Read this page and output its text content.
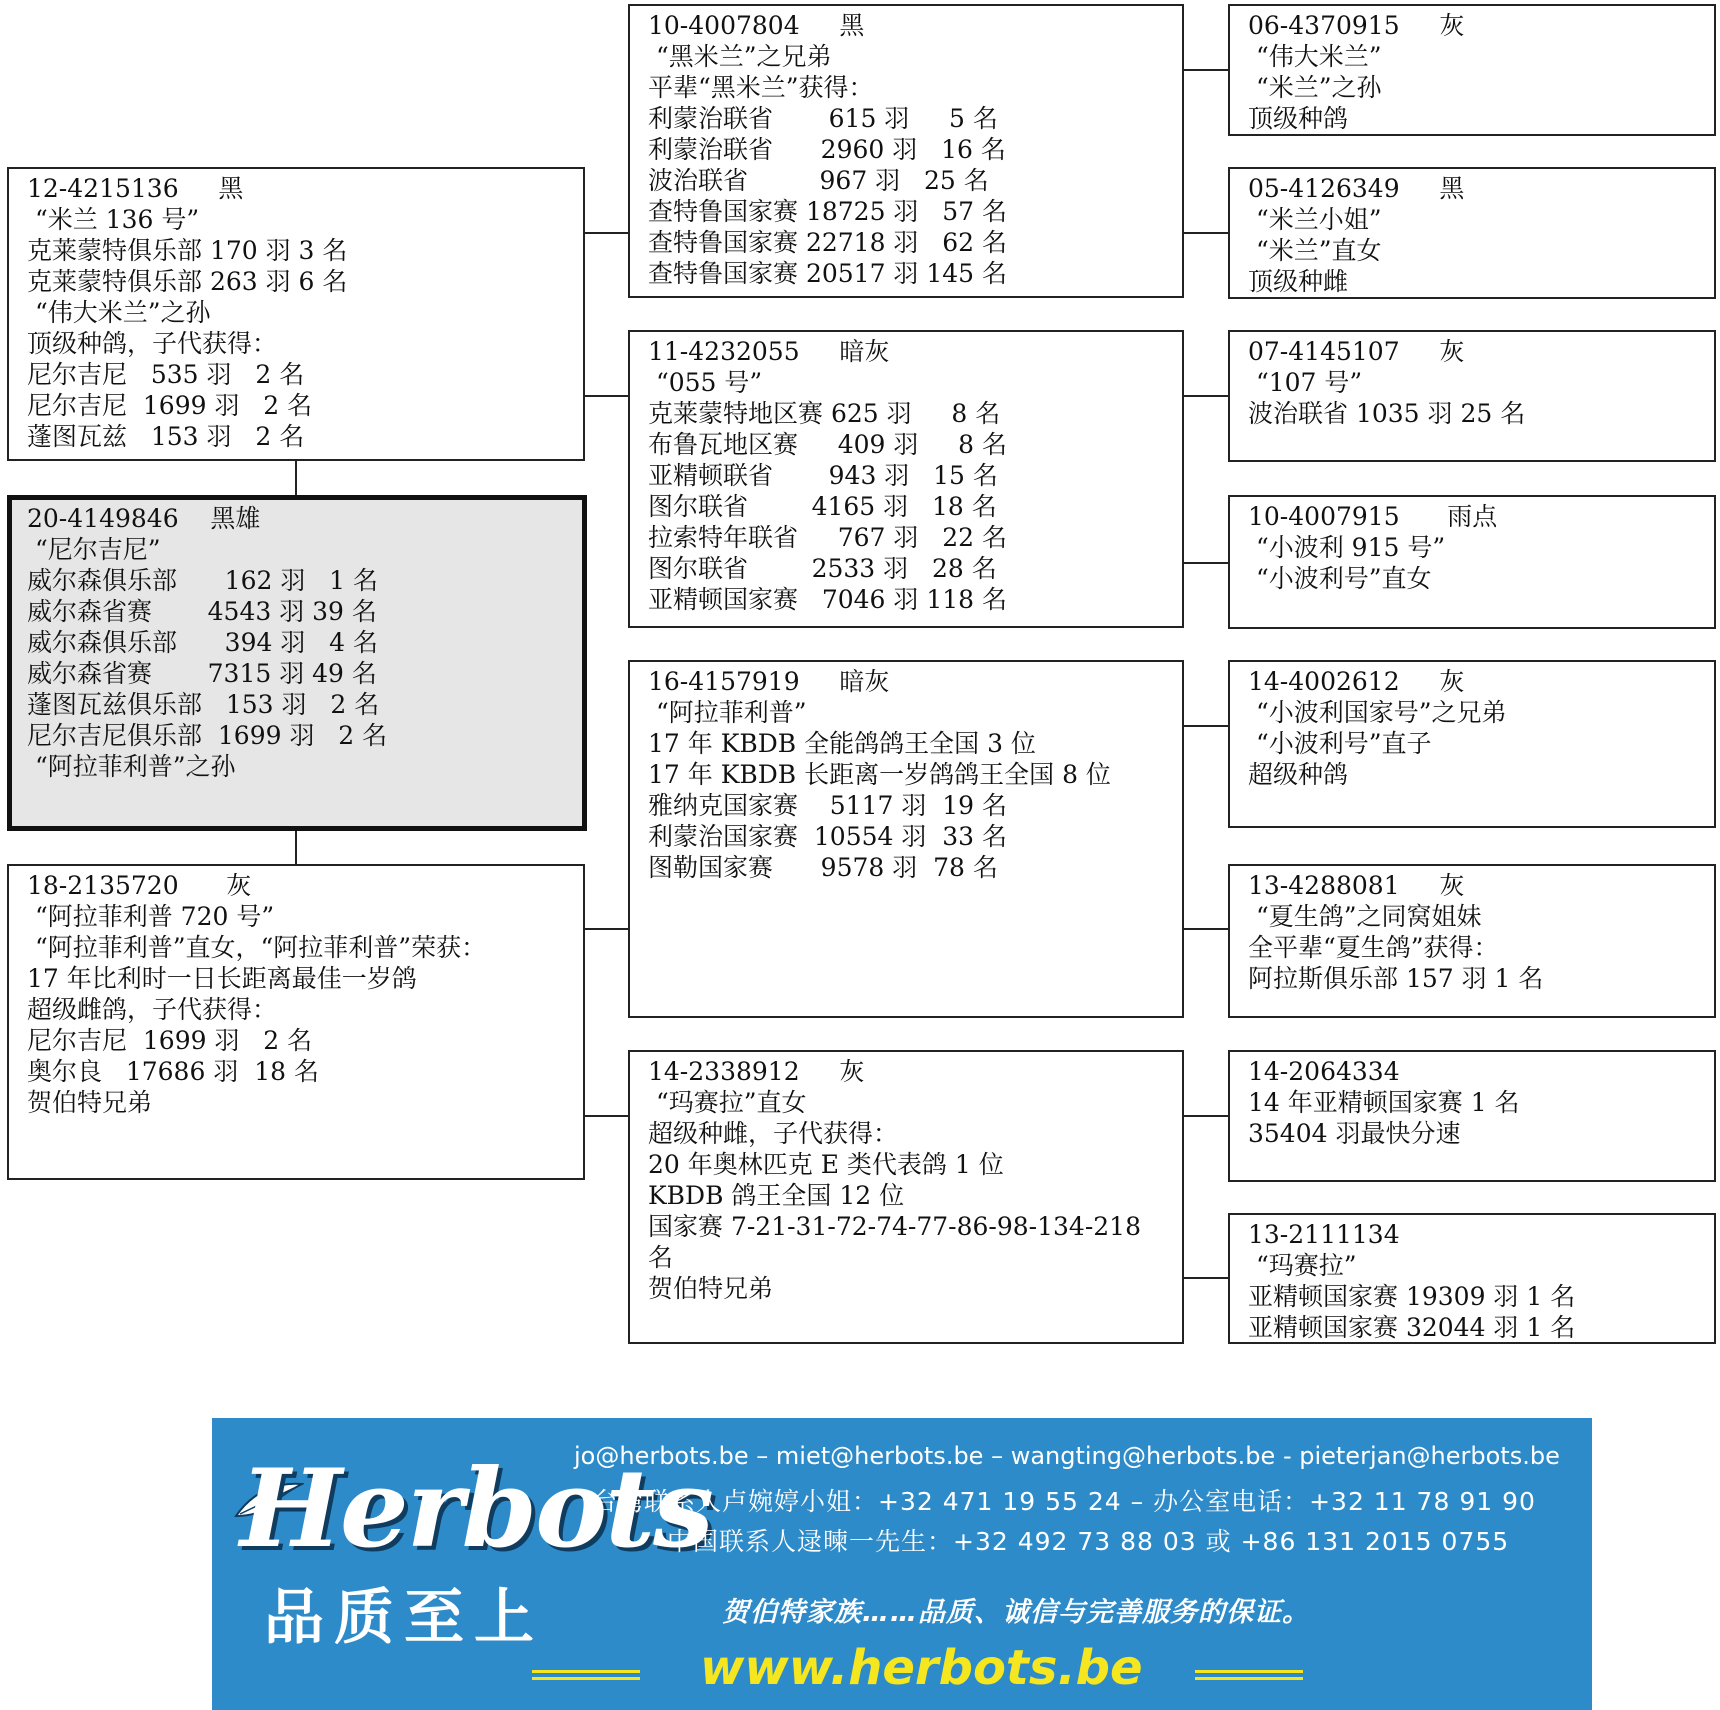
12-4215136     黑
“米兰 136 号”
克莱蒙特俱乐部 170 羽 3 名
克莱蒙特俱乐部 263 羽 6 名
“伟大米兰”之孙
顶级种鸽，子代获得：
尼尔吉尼   535 羽   2 名
尼尔吉尼  1699 羽   2 名
蓬图瓦兹   153 羽   2 名
20-4149846    黑雄
“尼尔吉尼”
威尔森俱乐部      162 羽   1 名
威尔森省赛       4543 羽 39 名
威尔森俱乐部      394 羽   4 名
威尔森省赛       7315 羽 49 名
蓬图瓦兹俱乐部   153 羽   2 名
尼尔吉尼俱乐部  1699 羽   2 名
“阿拉菲利普”之孙
18-2135720      灰
“阿拉菲利普 720 号”
“阿拉菲利普”直女，“阿拉菲利普”荣获：
17 年比利时一日长距离最佳一岁鸽
超级雌鸽，子代获得：
尼尔吉尼  1699 羽   2 名
奥尔良   17686 羽  18 名
贺伯特兄弟
10-4007804     黑
“黑米兰”之兄弟
平辈“黑米兰”获得：
利蒙治联省       615 羽     5 名
利蒙治联省      2960 羽   16 名
波治联省         967 羽   25 名
查特鲁国家赛 18725 羽   57 名
查特鲁国家赛 22718 羽   62 名
查特鲁国家赛 20517 羽 145 名
11-4232055     暗灰
“055 号”
克莱蒙特地区赛 625 羽     8 名
布鲁瓦地区赛     409 羽     8 名
亚精顿联省       943 羽   15 名
图尔联省        4165 羽   18 名
拉索特年联省     767 羽   22 名
图尔联省        2533 羽   28 名
亚精顿国家赛   7046 羽 118 名
16-4157919     暗灰
“阿拉菲利普”
17 年 KBDB 全能鸽鸽王全国 3 位
17 年 KBDB 长距离一岁鸽鸽王全国 8 位
雅纳克国家赛    5117 羽  19 名
利蒙治国家赛  10554 羽  33 名
图勒国家赛      9578 羽  78 名
14-2338912     灰
“玛赛拉”直女
超级种雌，子代获得：
20 年奥林匹克 E 类代表鸽 1 位
KBDB 鸽王全国 12 位
国家赛 7-21-31-72-74-77-86-98-134-218
名
贺伯特兄弟
06-4370915     灰
“伟大米兰”
“米兰”之孙
顶级种鸽
05-4126349     黑
“米兰小姐”
“米兰”直女
顶级种雌
07-4145107     灰
“107 号”
波治联省 1035 羽 25 名
10-4007915      雨点
“小波利 915 号”
“小波利号”直女
14-4002612     灰
“小波利国家号”之兄弟
“小波利号”直子
超级种鸽
13-4288081     灰
“夏生鸽”之同窝姐妹
全平辈“夏生鸽”获得：
阿拉斯俱乐部 157 羽 1 名
14-2064334
14 年亚精顿国家赛 1 名
35404 羽最快分速
13-2111134
“玛赛拉”
亚精顿国家赛 19309 羽 1 名
亚精顿国家赛 32044 羽 1 名
Herbots
品质至上
jo@herbots.be – miet@herbots.be – wangting@herbots.be - pieterjan@herbots.be
台湾联系人卢婉婷小姐：+32 471 19 55 24 – 办公室电话：+32 11 78 91 90
中国联系人逯暕一先生：+32 492 73 88 03 或 +86 131 2015 0755
贺伯特家族……品质、诚信与完善服务的保证。
www.herbots.be
